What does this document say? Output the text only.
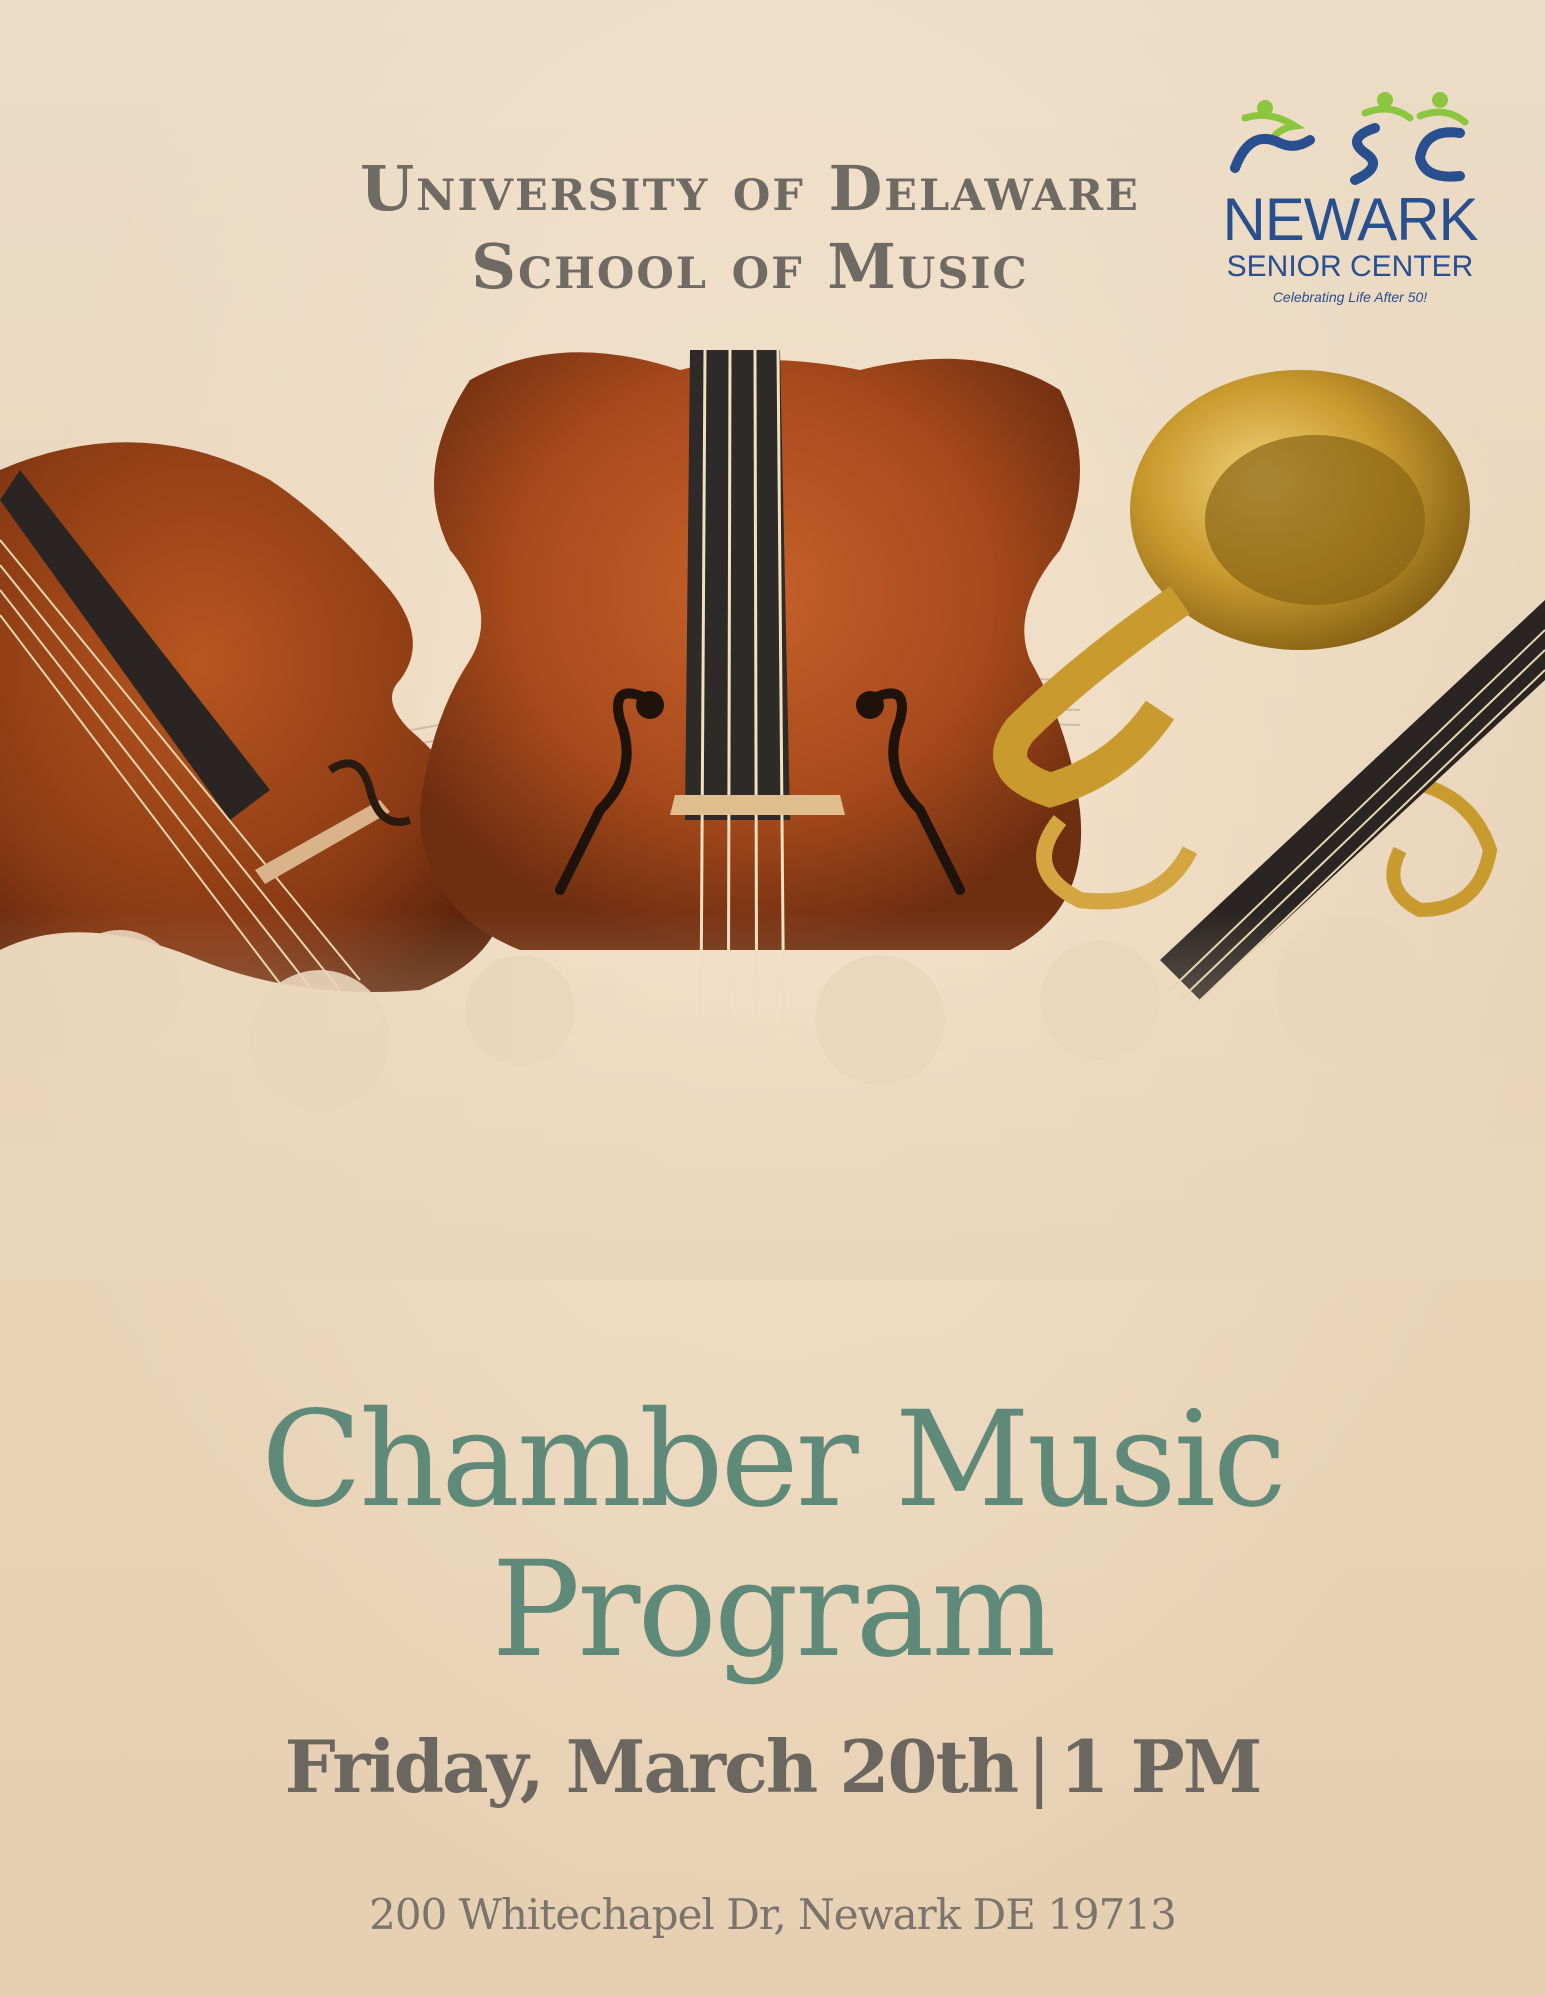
University of Delaware
School of Music
NEWARK
SENIOR CENTER
Celebrating Life After 50!
Chamber Music
Program
Friday, March 20th | 1 PM
200 Whitechapel Dr, Newark DE 19713
